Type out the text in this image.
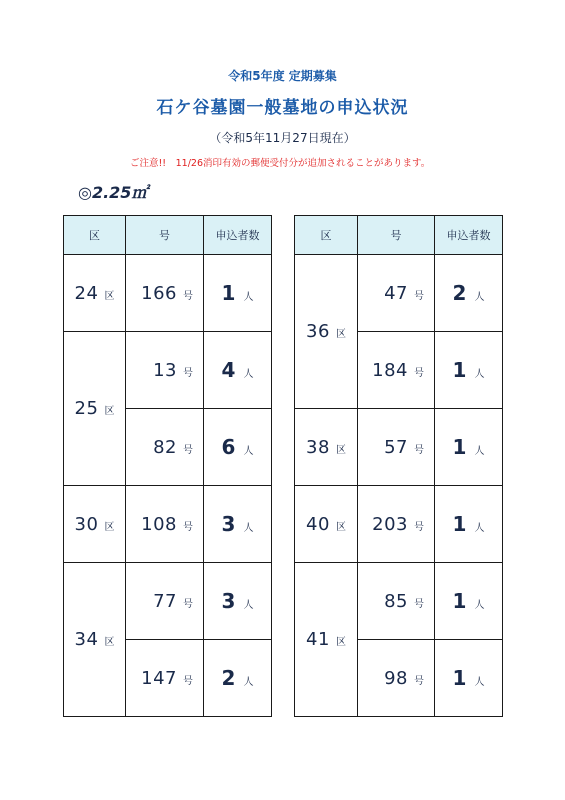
令和5年度 定期募集
石ケ谷墓園一般墓地の申込状況
（令和5年11月27日現在）
ご注意!!　11/26消印有効の郵便受付分が追加されることがあります。
◎2.25㎡
区	号	申込者数
24 区	166 号	1 人
25 区	13 号	4 人
	82 号	6 人
30 区	108 号	3 人
34 区	77 号	3 人
	147 号	2 人
区	号	申込者数
36 区	47 号	2 人
	184 号	1 人
38 区	57 号	1 人
40 区	203 号	1 人
41 区	85 号	1 人
	98 号	1 人
